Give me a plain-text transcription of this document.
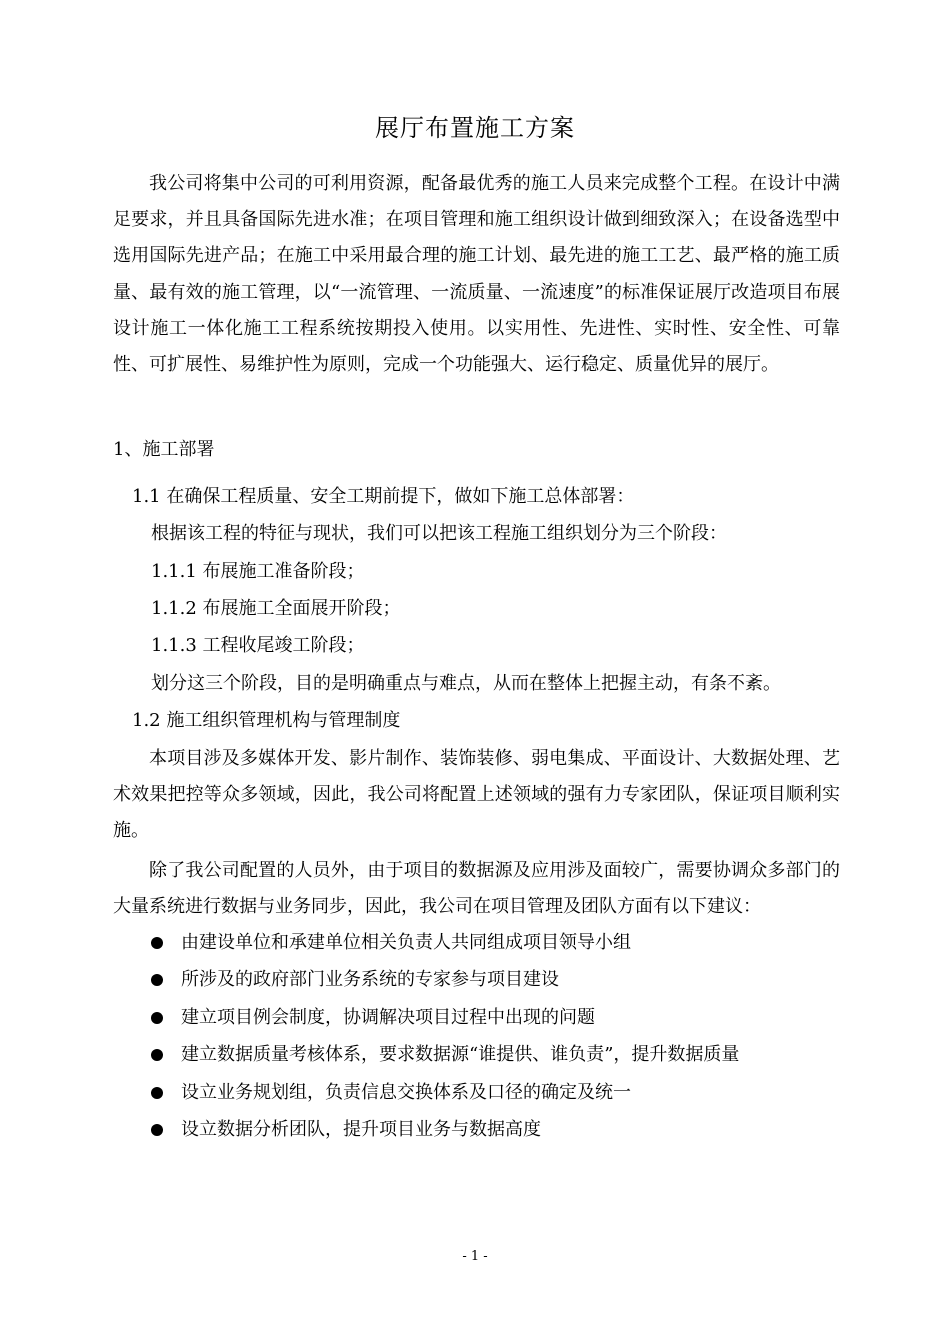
展厅布置施工方案

我公司将集中公司的可利用资源，配备最优秀的施工人员来完成整个工程。在设计中满足要求，并且具备国际先进水准；在项目管理和施工组织设计做到细致深入；在设备选型中选用国际先进产品；在施工中采用最合理的施工计划、最先进的施工工艺、最严格的施工质量、最有效的施工管理，以“一流管理、一流质量、一流速度”的标准保证展厅改造项目布展设计施工一体化施工工程系统按期投入使用。以实用性、先进性、实时性、安全性、可靠性、可扩展性、易维护性为原则，完成一个功能强大、运行稳定、质量优异的展厅。

1、施工部署
1.1 在确保工程质量、安全工期前提下，做如下施工总体部署：
根据该工程的特征与现状，我们可以把该工程施工组织划分为三个阶段：
1.1.1 布展施工准备阶段；
1.1.2 布展施工全面展开阶段；
1.1.3 工程收尾竣工阶段；
划分这三个阶段，目的是明确重点与难点，从而在整体上把握主动，有条不紊。
1.2 施工组织管理机构与管理制度

本项目涉及多媒体开发、影片制作、装饰装修、弱电集成、平面设计、大数据处理、艺术效果把控等众多领域，因此，我公司将配置上述领域的强有力专家团队，保证项目顺利实施。

除了我公司配置的人员外，由于项目的数据源及应用涉及面较广，需要协调众多部门的大量系统进行数据与业务同步，因此，我公司在项目管理及团队方面有以下建议：

由建设单位和承建单位相关负责人共同组成项目领导小组
所涉及的政府部门业务系统的专家参与项目建设
建立项目例会制度，协调解决项目过程中出现的问题
建立数据质量考核体系，要求数据源“谁提供、谁负责”，提升数据质量
设立业务规划组，负责信息交换体系及口径的确定及统一
设立数据分析团队，提升项目业务与数据高度
- 1 -
